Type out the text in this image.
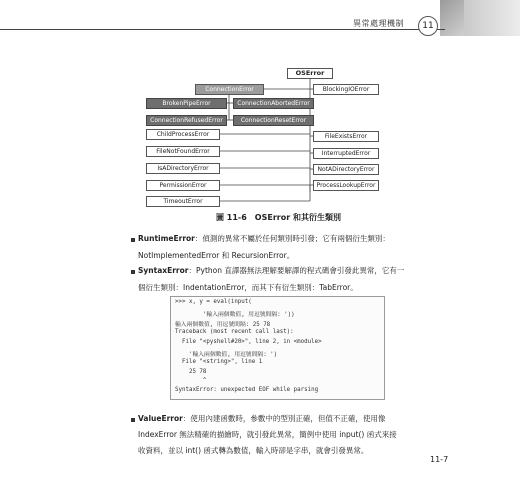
異常處理機制	11
OSError
ConnectionError
BrokenPipeError	ConnectionAbortedError
ConnectionRefusedError	ConnectionResetError
ChildProcessError
FileNotFoundError
IsADirectoryError
PermissionError
TimeoutError
BlockingIOError
FileExistsError
InterruptedError
NotADirectoryError
ProcessLookupError
圖 11-6　OSError 和其衍生類別
RuntimeError：偵測的異常不屬於任何類別時引發；它有兩個衍生類別：
NotImplementedError 和 RecursionError。
SyntaxError：Python 直譯器無法理解要解譯的程式碼會引發此異常，它有一
個衍生類別：IndentationError，而其下有衍生類別：TabError。
>>> x, y = eval(input(
'輸入兩個數值, 用逗號間隔: '))
輸入兩個數值, 用逗號間隔: 25 78
Traceback (most recent call last):
File "<pyshell#20>", line 2, in <module>
'輸入兩個數值, 用逗號間隔: ')
File "<string>", line 1
25 78
^
SyntaxError: unexpected EOF while parsing
ValueError：使用內建函數時，參數中的型別正確，但值不正確，使用像
IndexError 無法精確的描繪時，就引發此異常，簡例中使用 input() 函式來接
收資料，並以 int() 函式轉為數值，輸入時卻是字串，就會引發異常。
11-7
